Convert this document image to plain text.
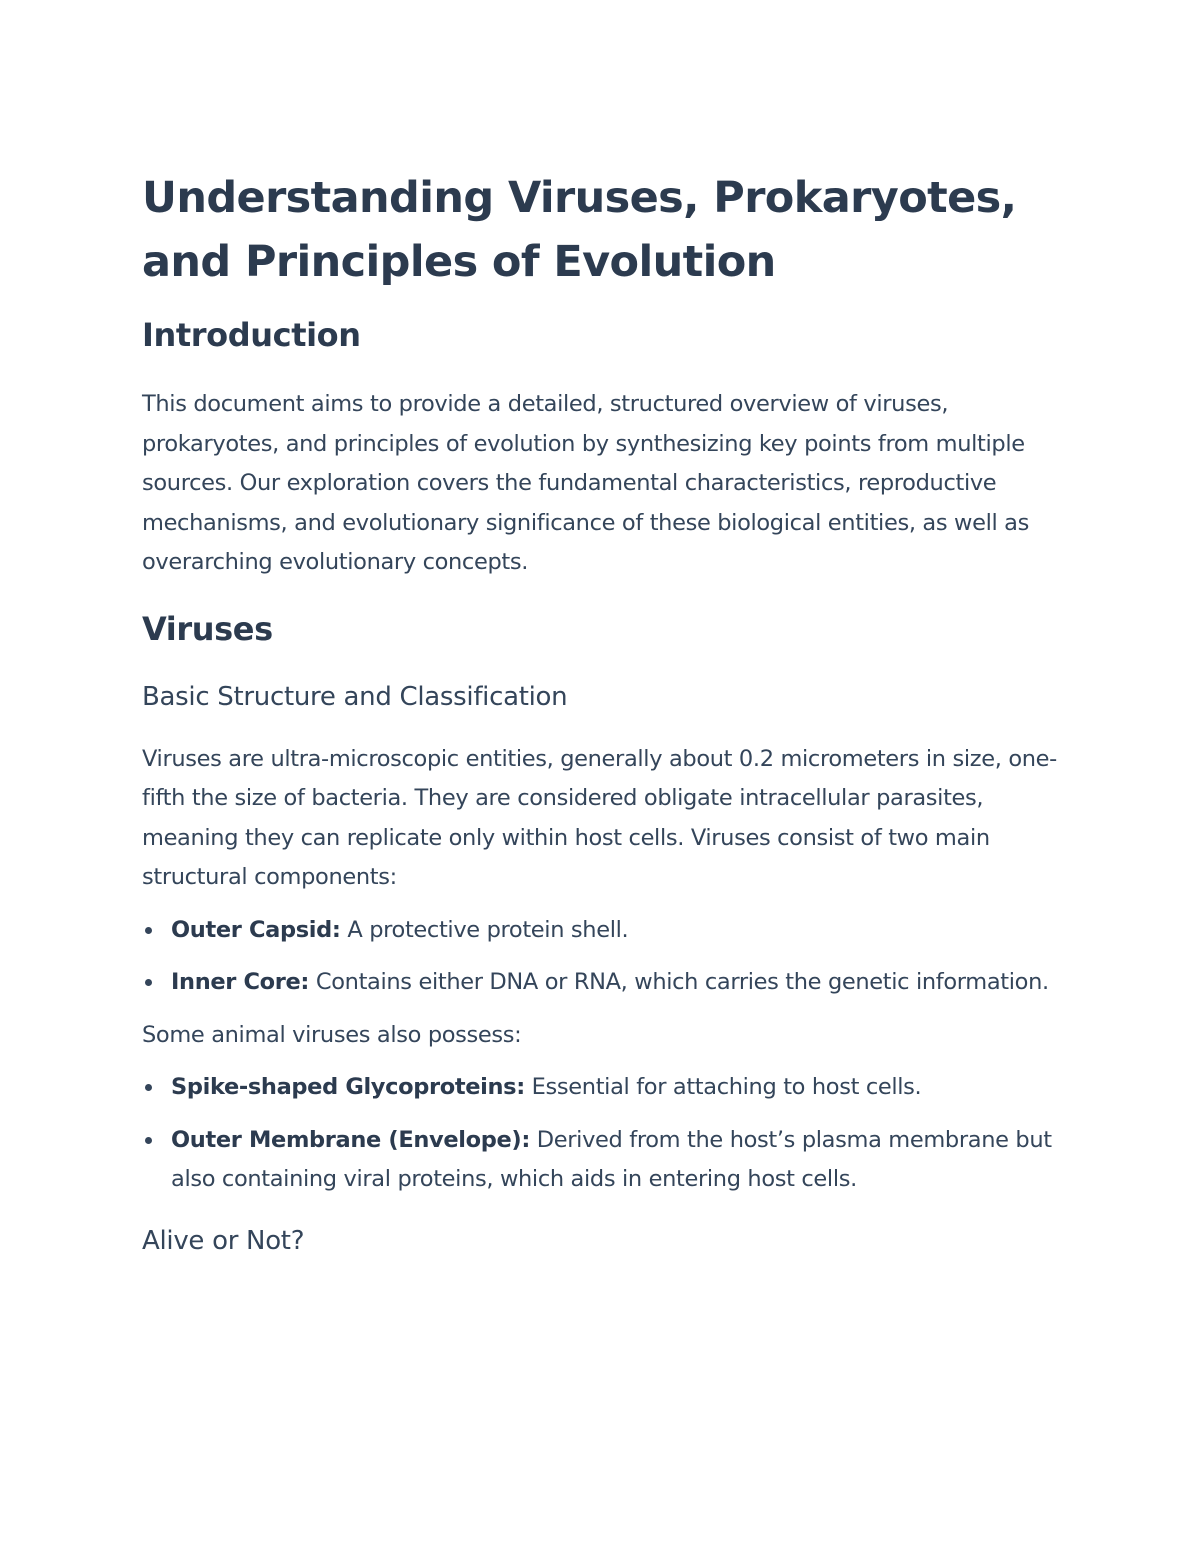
Understanding Viruses, Prokaryotes, and Principles of Evolution
Introduction

This document aims to provide a detailed, structured overview of viruses, prokaryotes, and principles of evolution by synthesizing key points from multiple sources. Our exploration covers the fundamental characteristics, reproductive mechanisms, and evolutionary significance of these biological entities, as well as overarching evolutionary concepts.

Viruses
Basic Structure and Classification

Viruses are ultra-microscopic entities, generally about 0.2 micrometers in size, one-fifth the size of bacteria. They are considered obligate intracellular parasites, meaning they can replicate only within host cells. Viruses consist of two main structural components:

Outer Capsid: A protective protein shell.
Inner Core: Contains either DNA or RNA, which carries the genetic information.

Some animal viruses also possess:

Spike-shaped Glycoproteins: Essential for attaching to host cells.
Outer Membrane (Envelope): Derived from the host’s plasma membrane but also containing viral proteins, which aids in entering host cells.
Alive or Not?
